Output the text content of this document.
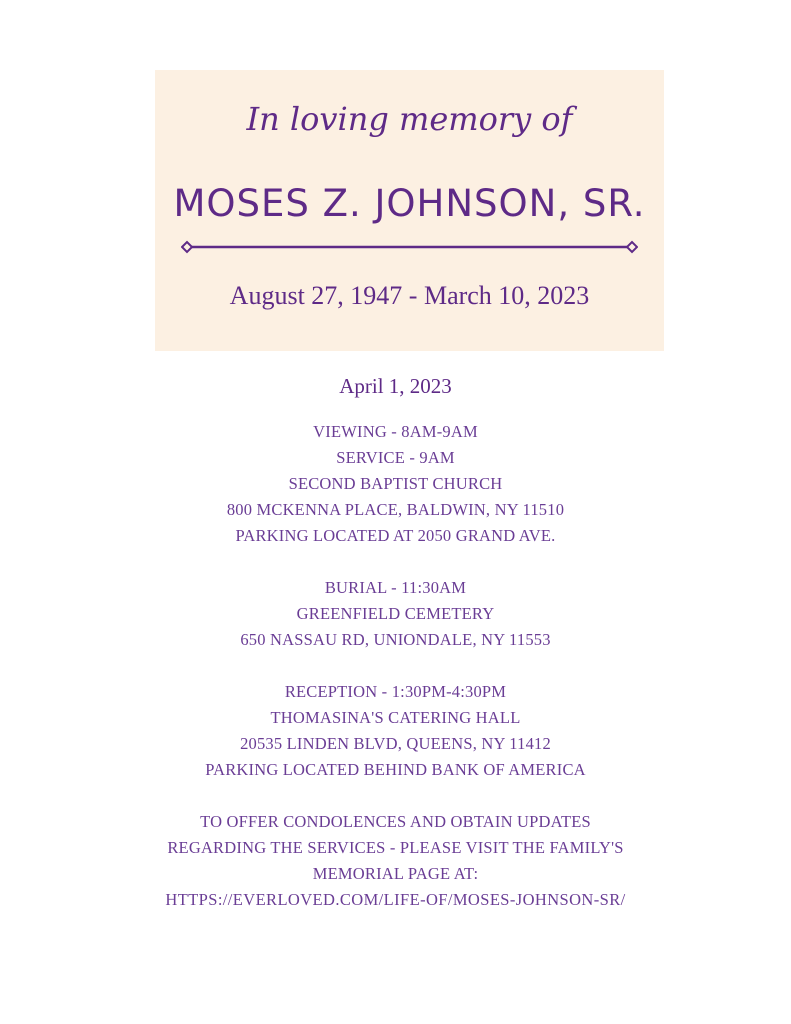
In loving memory of
MOSES Z. JOHNSON, SR.
August 27, 1947 - March 10, 2023
April 1, 2023
VIEWING - 8AM-9AM
SERVICE - 9AM
SECOND BAPTIST CHURCH
800 MCKENNA PLACE, BALDWIN, NY 11510
PARKING LOCATED AT 2050 GRAND AVE.
BURIAL - 11:30AM
GREENFIELD CEMETERY
650 NASSAU RD, UNIONDALE, NY 11553
RECEPTION - 1:30PM-4:30PM
THOMASINA'S CATERING HALL
20535 LINDEN BLVD, QUEENS, NY 11412
PARKING LOCATED BEHIND BANK OF AMERICA
TO OFFER CONDOLENCES AND OBTAIN UPDATES
REGARDING THE SERVICES - PLEASE VISIT THE FAMILY'S
MEMORIAL PAGE AT:
HTTPS://EVERLOVED.COM/LIFE-OF/MOSES-JOHNSON-SR/
